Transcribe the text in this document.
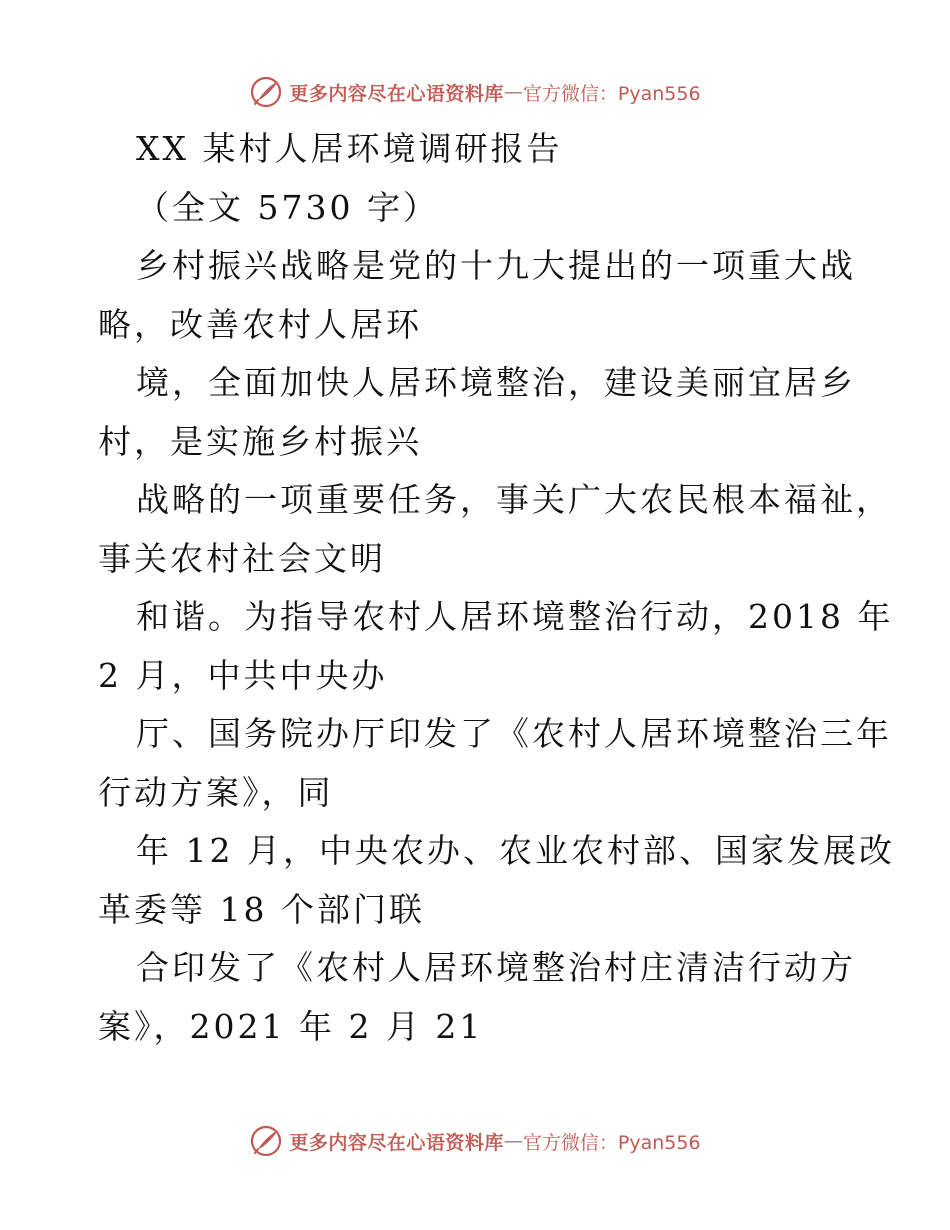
更多内容尽在心语资料库 — 官方微信：Pyan556
XX 某村人居环境调研报告
（全文 5730 字）
乡村振兴战略是党的十九大提出的一项重大战
略，改善农村人居环
境，全面加快人居环境整治，建设美丽宜居乡
村，是实施乡村振兴
战略的一项重要任务，事关广大农民根本福祉，
事关农村社会文明
和谐。为指导农村人居环境整治行动，2018 年
2 月，中共中央办
厅、国务院办厅印发了《农村人居环境整治三年
行动方案》，同
年 12 月，中央农办、农业农村部、国家发展改
革委等 18 个部门联
合印发了《农村人居环境整治村庄清洁行动方
案》，2021 年 2 月 21
更多内容尽在心语资料库 — 官方微信：Pyan556
